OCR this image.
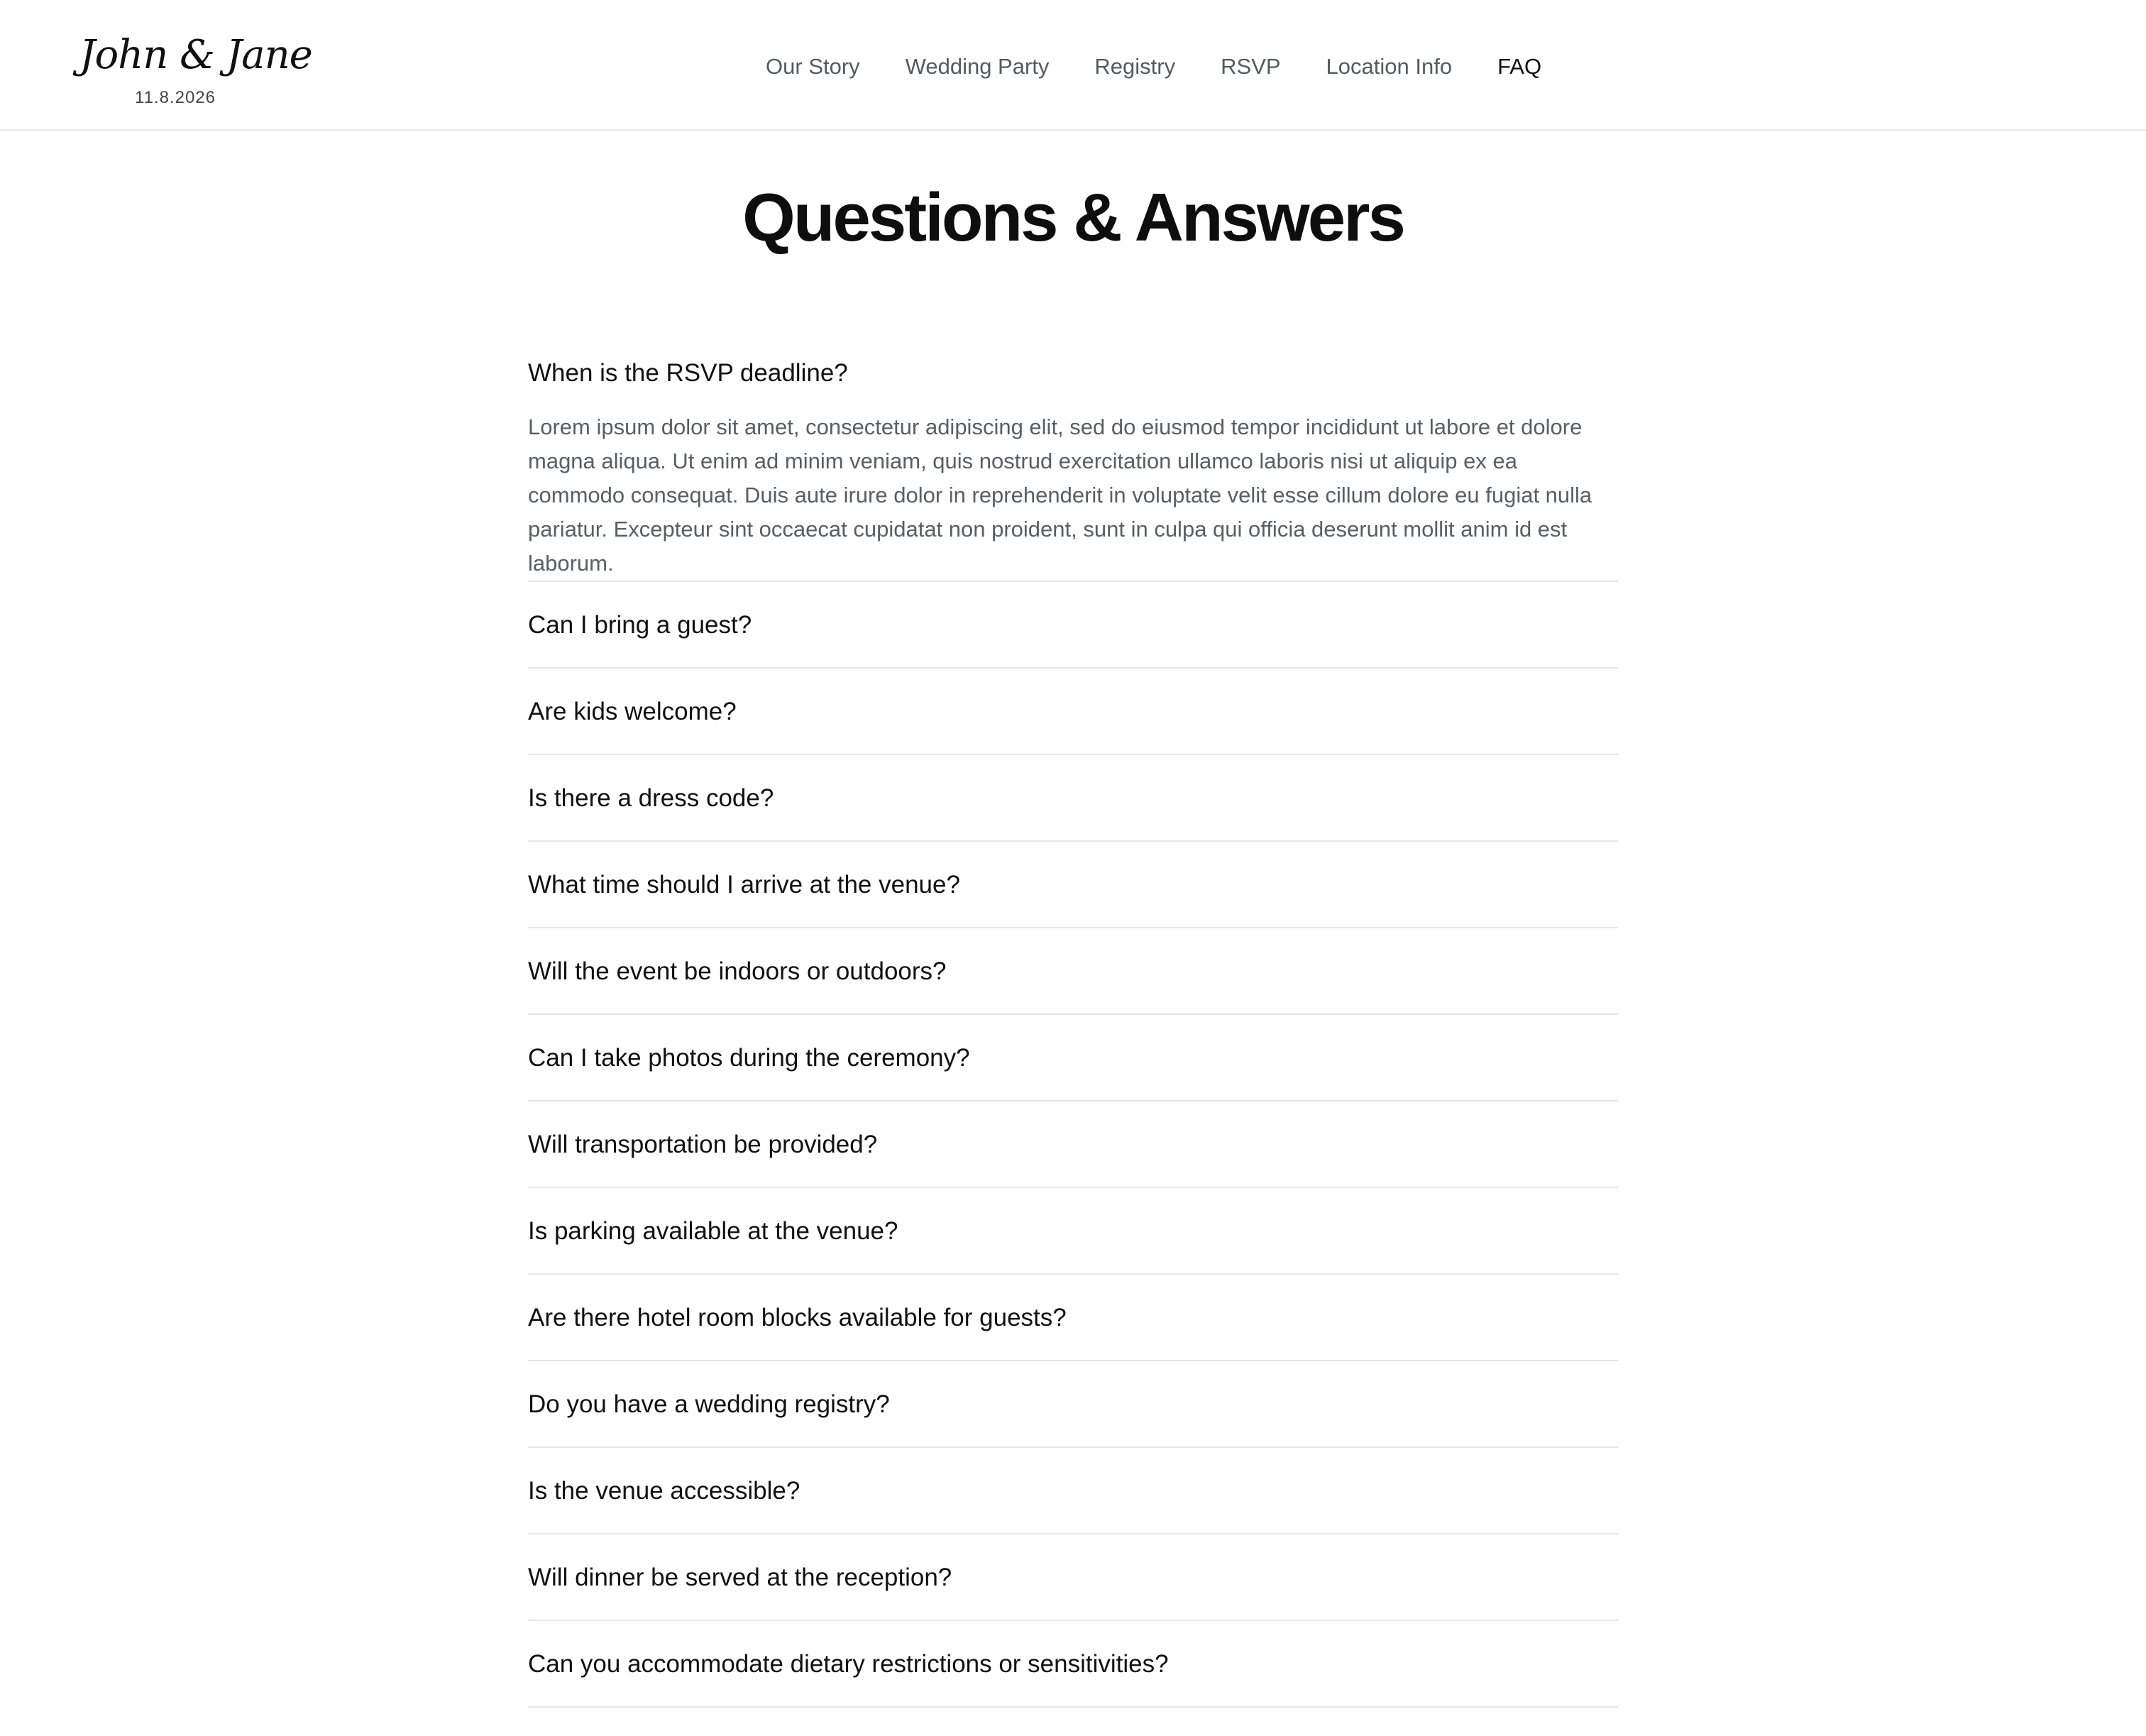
John & Jane
11.8.2026
Our Story Wedding Party Registry RSVP Location Info FAQ
Questions & Answers
When is the RSVP deadline?

Lorem ipsum dolor sit amet, consectetur adipiscing elit, sed do eiusmod tempor incididunt ut labore et dolore magna aliqua. Ut enim ad minim veniam, quis nostrud exercitation ullamco laboris nisi ut aliquip ex ea commodo consequat. Duis aute irure dolor in reprehenderit in voluptate velit esse cillum dolore eu fugiat nulla pariatur. Excepteur sint occaecat cupidatat non proident, sunt in culpa qui officia deserunt mollit anim id est laborum.

Can I bring a guest?
Are kids welcome?
Is there a dress code?
What time should I arrive at the venue?
Will the event be indoors or outdoors?
Can I take photos during the ceremony?
Will transportation be provided?
Is parking available at the venue?
Are there hotel room blocks available for guests?
Do you have a wedding registry?
Is the venue accessible?
Will dinner be served at the reception?
Can you accommodate dietary restrictions or sensitivities?
